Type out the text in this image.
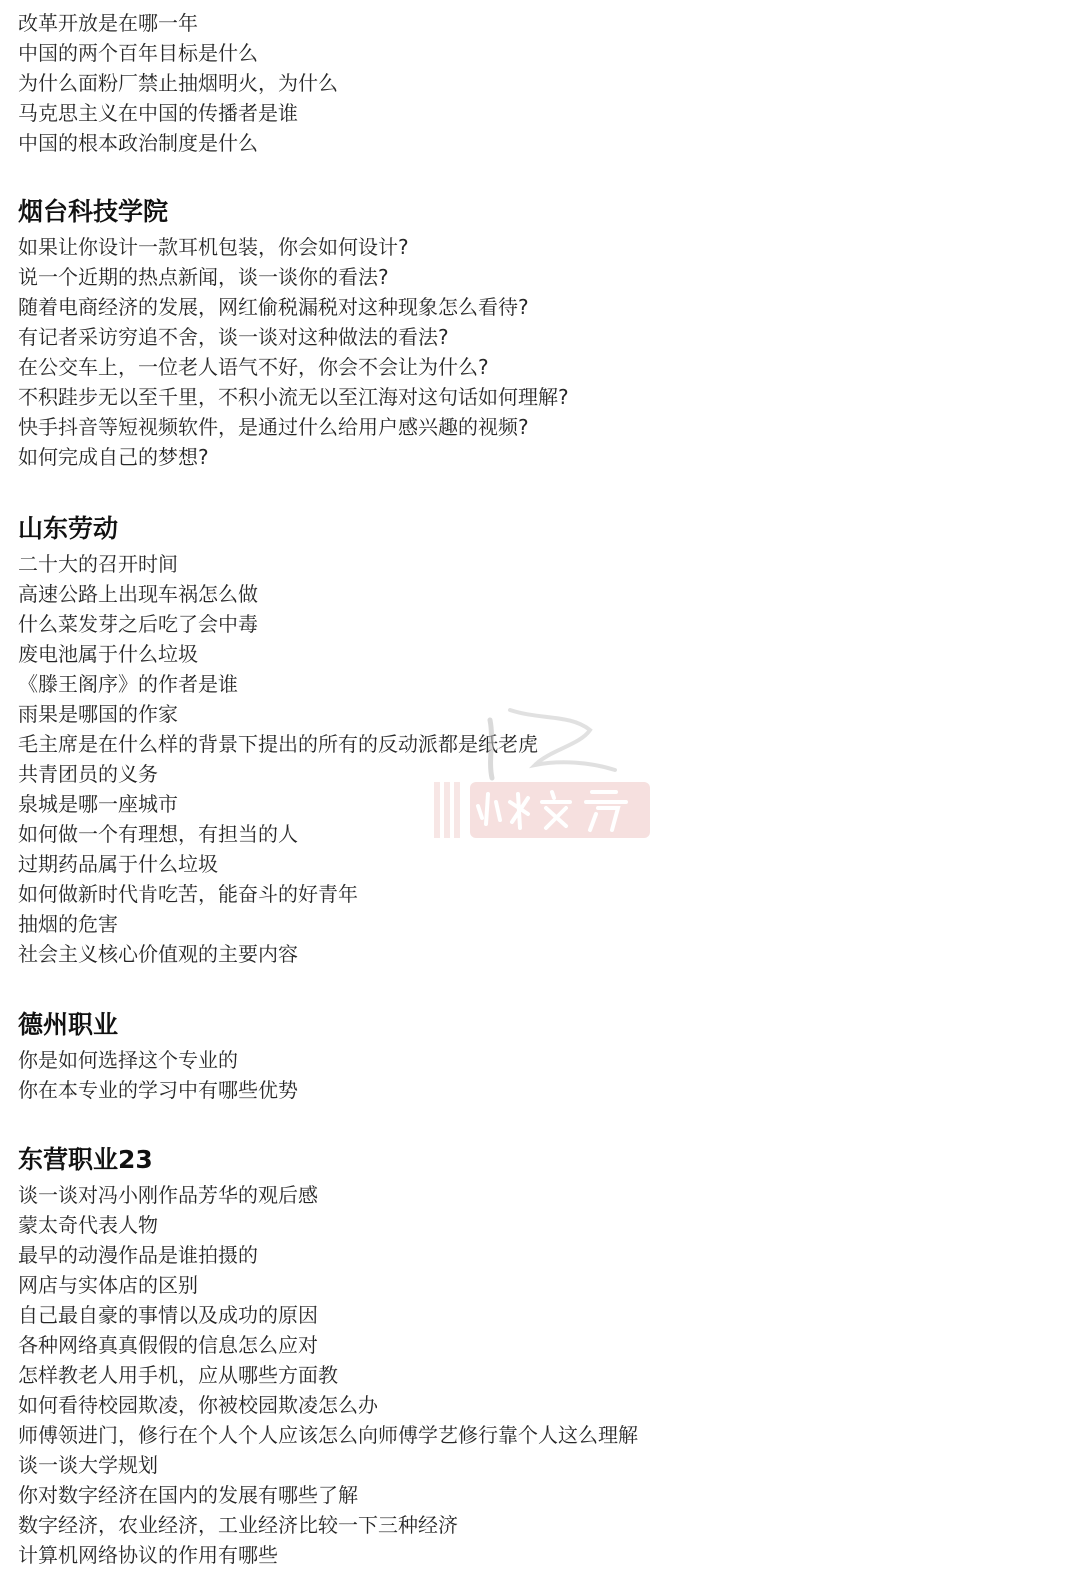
改革开放是在哪一年
中国的两个百年目标是什么
为什么面粉厂禁止抽烟明火，为什么
马克思主义在中国的传播者是谁
中国的根本政治制度是什么
烟台科技学院
如果让你设计一款耳机包装，你会如何设计?
说一个近期的热点新闻，谈一谈你的看法?
随着电商经济的发展，网红偷税漏税对这种现象怎么看待?
有记者采访穷追不舍，谈一谈对这种做法的看法?
在公交车上，一位老人语气不好，你会不会让为什么?
不积跬步无以至千里，不积小流无以至江海对这句话如何理解?
快手抖音等短视频软件，是通过什么给用户感兴趣的视频?
如何完成自己的梦想?
山东劳动
二十大的召开时间
高速公路上出现车祸怎么做
什么菜发芽之后吃了会中毒
废电池属于什么垃圾
《滕王阁序》的作者是谁
雨果是哪国的作家
毛主席是在什么样的背景下提出的所有的反动派都是纸老虎
共青团员的义务
泉城是哪一座城市
如何做一个有理想，有担当的人
过期药品属于什么垃圾
如何做新时代肯吃苦，能奋斗的好青年
抽烟的危害
社会主义核心价值观的主要内容
德州职业
你是如何选择这个专业的
你在本专业的学习中有哪些优势
东营职业23
谈一谈对冯小刚作品芳华的观后感
蒙太奇代表人物
最早的动漫作品是谁拍摄的
网店与实体店的区别
自己最自豪的事情以及成功的原因
各种网络真真假假的信息怎么应对
怎样教老人用手机，应从哪些方面教
如何看待校园欺凌，你被校园欺凌怎么办
师傅领进门，修行在个人个人应该怎么向师傅学艺修行靠个人这么理解
谈一谈大学规划
你对数字经济在国内的发展有哪些了解
数字经济，农业经济，工业经济比较一下三种经济
计算机网络协议的作用有哪些
